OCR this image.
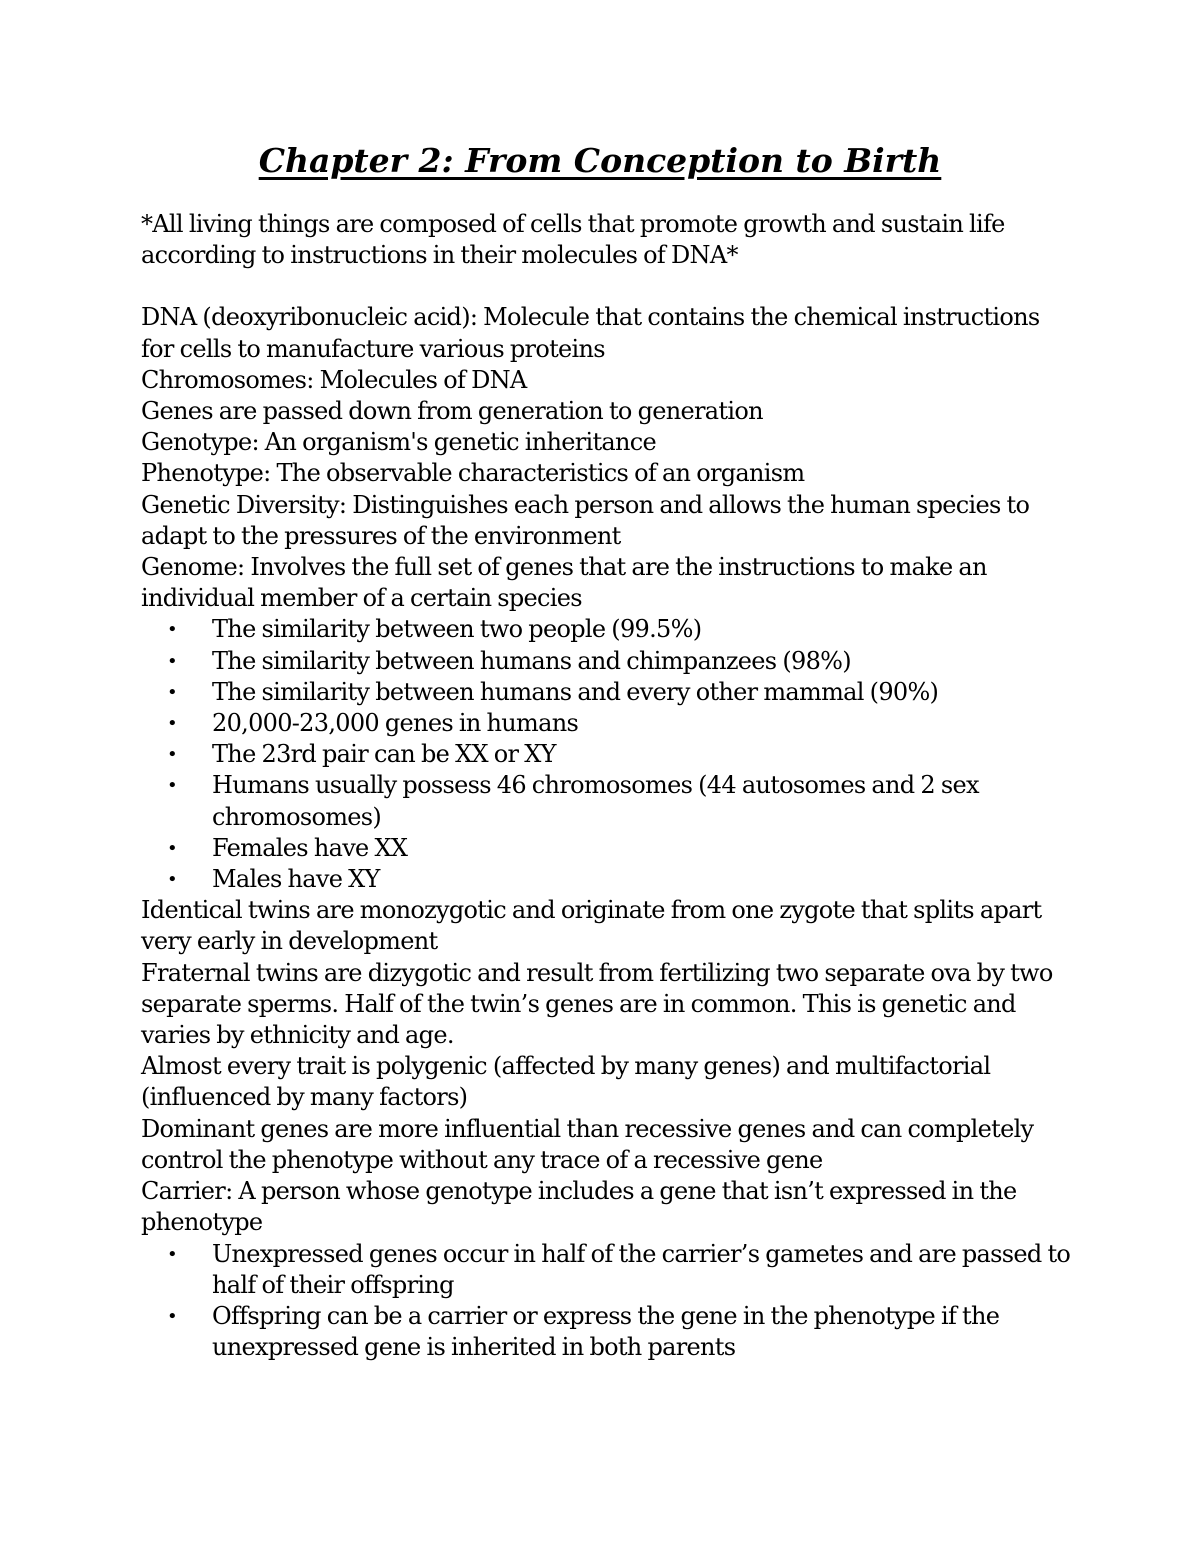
Chapter 2: From Conception to Birth

*All living things are composed of cells that promote growth and sustain life according to instructions in their molecules of DNA*

DNA (deoxyribonucleic acid): Molecule that contains the chemical instructions for cells to manufacture various proteins

Chromosomes: Molecules of DNA

Genes are passed down from generation to generation

Genotype: An organism's genetic inheritance

Phenotype: The observable characteristics of an organism

Genetic Diversity: Distinguishes each person and allows the human species to adapt to the pressures of the environment

Genome: Involves the full set of genes that are the instructions to make an individual member of a certain species

• The similarity between two people (99.5%)
• The similarity between humans and chimpanzees (98%)
• The similarity between humans and every other mammal (90%)
• 20,000-23,000 genes in humans
• The 23rd pair can be XX or XY
• Humans usually possess 46 chromosomes (44 autosomes and 2 sex chromosomes)
• Females have XX
• Males have XY

Identical twins are monozygotic and originate from one zygote that splits apart very early in development

Fraternal twins are dizygotic and result from fertilizing two separate ova by two separate sperms. Half of the twin’s genes are in common. This is genetic and varies by ethnicity and age.

Almost every trait is polygenic (affected by many genes) and multifactorial (influenced by many factors)

Dominant genes are more influential than recessive genes and can completely control the phenotype without any trace of a recessive gene

Carrier: A person whose genotype includes a gene that isn’t expressed in the phenotype

• Unexpressed genes occur in half of the carrier’s gametes and are passed to half of their offspring
• Offspring can be a carrier or express the gene in the phenotype if the unexpressed gene is inherited in both parents
